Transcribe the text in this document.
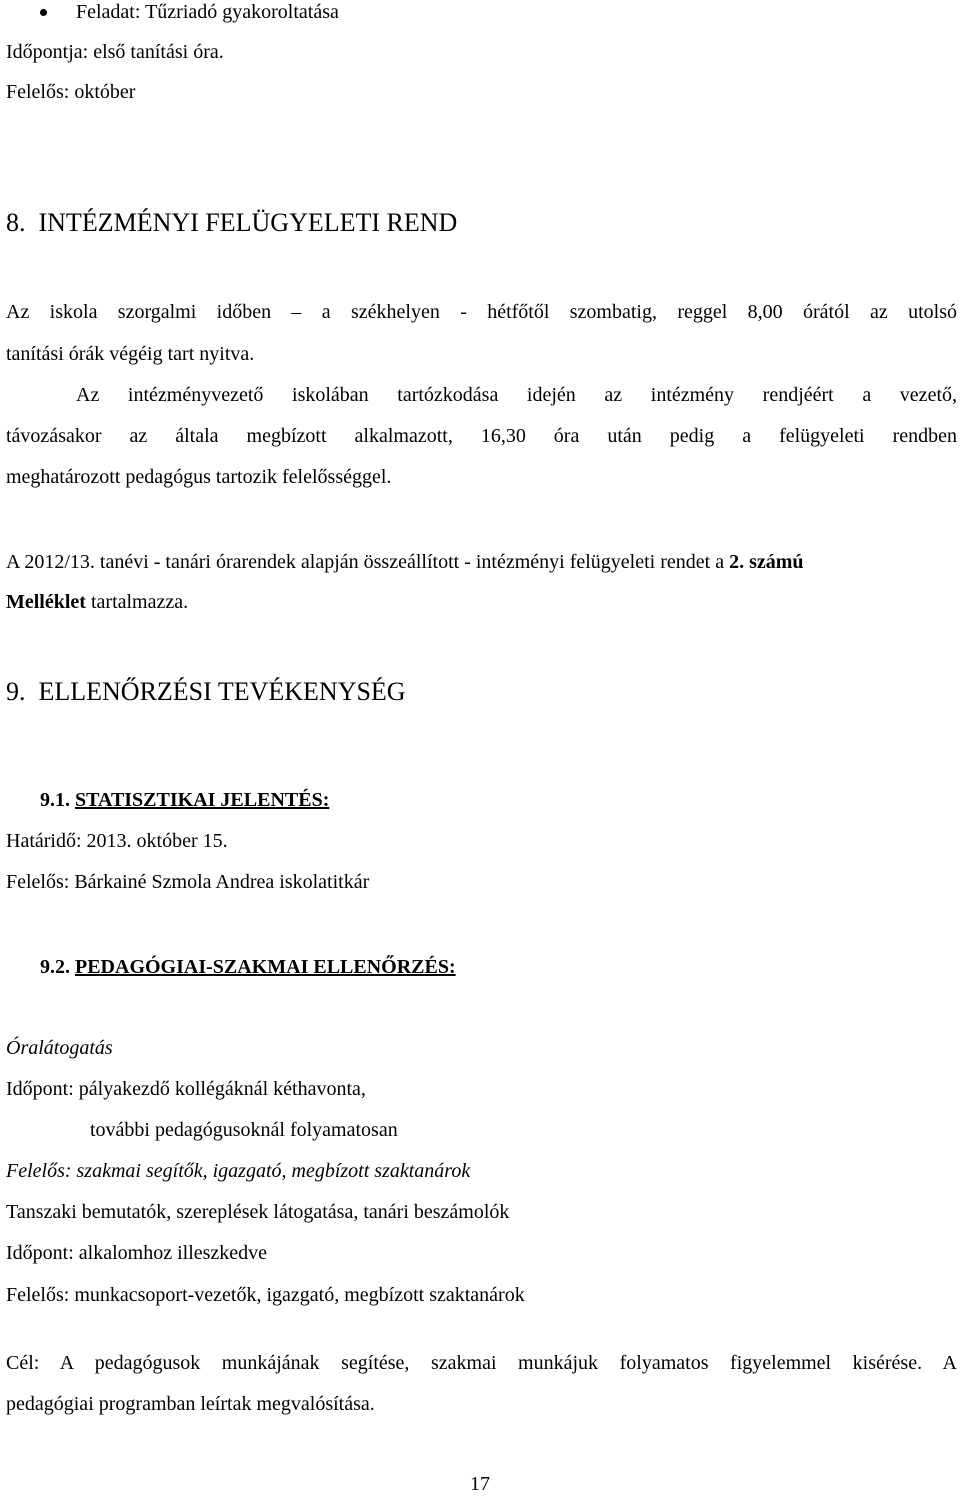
Feladat: Tűzriadó gyakoroltatása
Időpontja: első tanítási óra.
Felelős: október
8. INTÉZMÉNYI FELÜGYELETI REND
Az iskola szorgalmi időben – a székhelyen - hétfőtől szombatig, reggel 8,00 órától az utolsó
tanítási órák végéig tart nyitva.
Az intézményvezető iskolában tartózkodása idején az intézmény rendjéért a vezető,
távozásakor az általa megbízott alkalmazott, 16,30 óra után pedig a felügyeleti rendben
meghatározott pedagógus tartozik felelősséggel.
A 2012/13. tanévi - tanári órarendek alapján összeállított - intézményi felügyeleti rendet a 2. számú
Melléklet tartalmazza.
9. ELLENŐRZÉSI TEVÉKENYSÉG
9.1. STATISZTIKAI JELENTÉS:
Határidő: 2013. október 15.
Felelős: Bárkainé Szmola Andrea iskolatitkár
9.2. PEDAGÓGIAI-SZAKMAI ELLENŐRZÉS:
Óralátogatás
Időpont: pályakezdő kollégáknál kéthavonta,
további pedagógusoknál folyamatosan
Felelős: szakmai segítők, igazgató, megbízott szaktanárok
Tanszaki bemutatók, szereplések látogatása, tanári beszámolók
Időpont: alkalomhoz illeszkedve
Felelős: munkacsoport-vezetők, igazgató, megbízott szaktanárok
Cél: A pedagógusok munkájának segítése, szakmai munkájuk folyamatos figyelemmel kisérése. A
pedagógiai programban leírtak megvalósítása.
17
